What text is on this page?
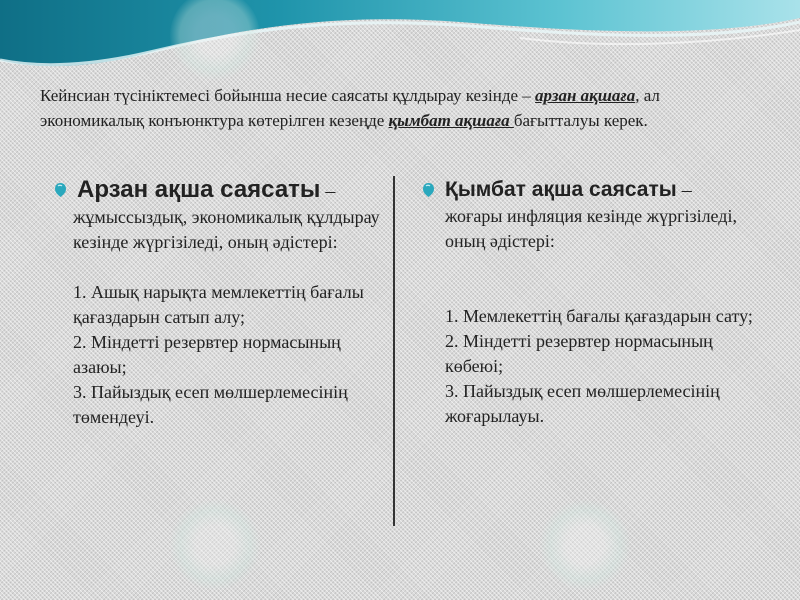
Кейнсиан түсініктемесі бойынша несие саясаты құлдырау кезінде – арзан ақшаға, ал экономикалық конъюнктура көтерілген кезеңде қымбат ақшаға бағытталуы керек.
Арзан ақша саясаты –
жұмыссыздық, экономикалық құлдырау кезінде жүргізіледі, оның әдістері:
1. Ашық нарықта мемлекеттің бағалы қағаздарын сатып алу;
2. Міндетті резервтер нормасының азаюы;
3. Пайыздық есеп мөлшерлемесінің төмендеуі.
Қымбат ақша саясаты –
жоғары инфляция кезінде жүргізіледі, оның әдістері:
1. Мемлекеттің бағалы қағаздарын сату;
2. Міндетті резервтер нормасының көбеюі;
3. Пайыздық есеп мөлшерлемесінің жоғарылауы.
